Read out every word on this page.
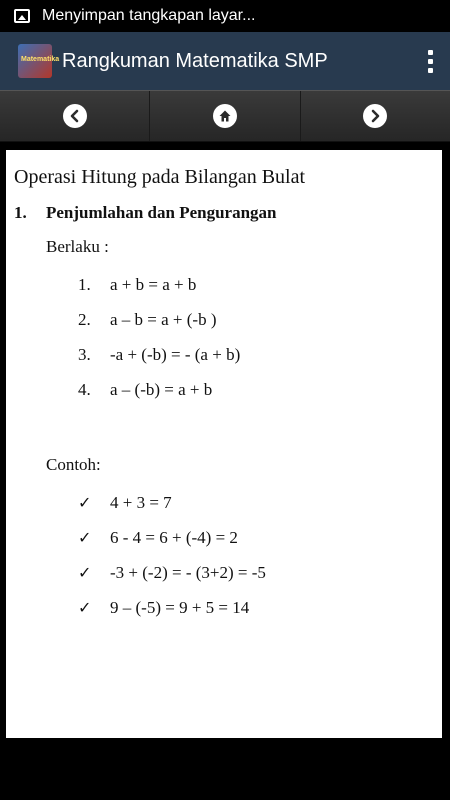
Menyimpan tangkapan layar...
Matematika Rangkuman Matematika SMP
Operasi Hitung pada Bilangan Bulat
1.	Penjumlahan dan Pengurangan
Berlaku :
1.	a + b = a + b
2.	a – b = a + (-b )
3.	-a + (-b) = - (a + b)
4.	a – (-b) = a + b
Contoh:
✓	4 + 3 = 7
✓	6 - 4 = 6 + (-4) = 2
✓	-3 + (-2) = - (3+2) = -5
✓	9 – (-5) = 9 + 5 = 14
